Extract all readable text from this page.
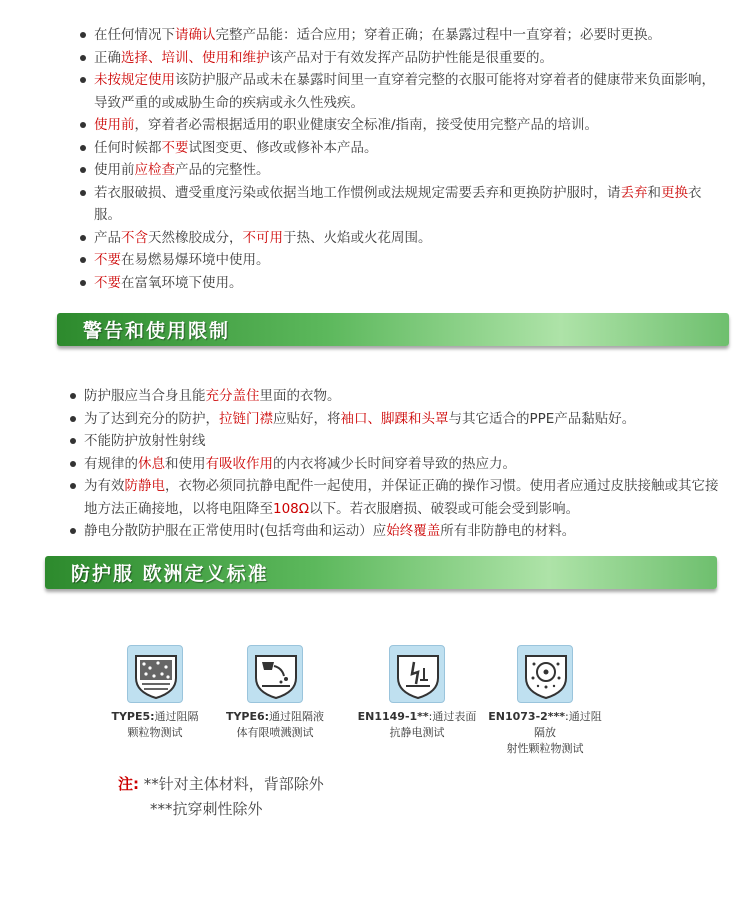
在任何情况下请确认完整产品能：适合应用；穿着正确；在暴露过程中一直穿着；必要时更换。
正确选择、培训、使用和维护该产品对于有效发挥产品防护性能是很重要的。
未按规定使用该防护服产品或未在暴露时间里一直穿着完整的衣服可能将对穿着者的健康带来负面影响，导致严重的或威胁生命的疾病或永久性残疾。
使用前，穿着者必需根据适用的职业健康安全标准/指南，接受使用完整产品的培训。
任何时候都不要试图变更、修改或修补本产品。
使用前应检查产品的完整性。
若衣服破损、遭受重度污染或依据当地工作惯例或法规规定需要丢弃和更换防护服时，请丢弃和更换衣服。
产品不含天然橡胶成分，不可用于热、火焰或火花周围。
不要在易燃易爆环境中使用。
不要在富氧环境下使用。
警告和使用限制
防护服应当合身且能充分盖住里面的衣物。
为了达到充分的防护，拉链门襟应贴好，将袖口、脚踝和头罩与其它适合的PPE产品黏贴好。
不能防护放射性射线
有规律的休息和使用有吸收作用的内衣将减少长时间穿着导致的热应力。
为有效防静电，衣物必须同抗静电配件一起使用，并保证正确的操作习惯。使用者应通过皮肤接触或其它接地方法正确接地，以将电阻降至108Ω以下。若衣服磨损、破裂或可能会受到影响。
静电分散防护服在正常使用时(包括弯曲和运动）应始终覆盖所有非防静电的材料。
防护服 欧洲定义标准
TYPE5:通过阻隔
颗粒物测试
TYPE6:通过阻隔液
体有限喷溅测试
EN1149-1**:通过表面
抗静电测试
EN1073-2***:通过阻隔放
射性颗粒物测试
注: **针对主体材料，背部除外
***抗穿刺性除外
